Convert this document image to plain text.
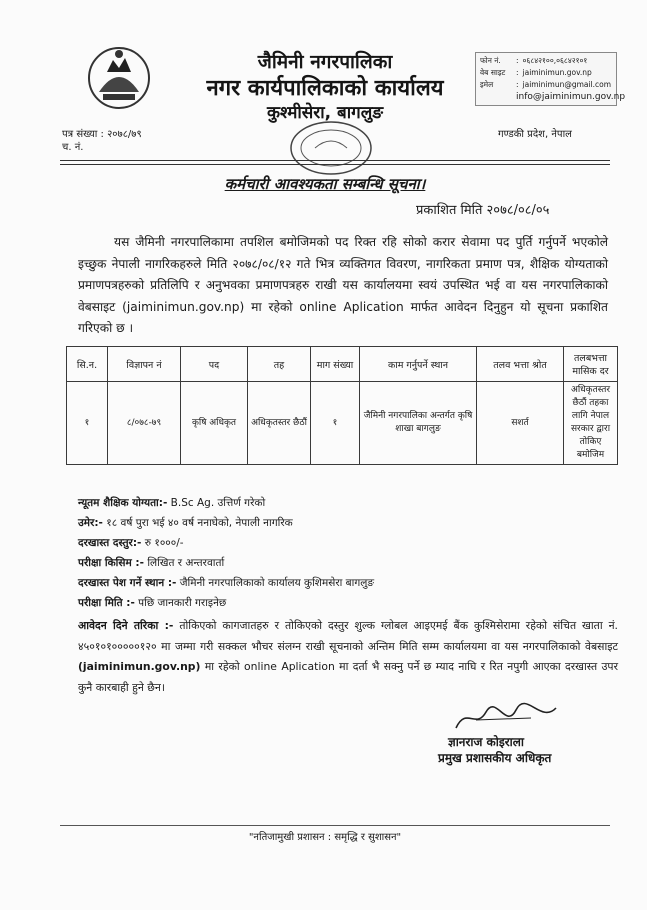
जैमिनी नगरपालिका
नगर कार्यपालिकाको कार्यालय
कुश्मीसेरा, बागलुङ
फोन नं.	: ०६८४२१००,०६८४२१०१
वेब साइट	: jaiminimun.gov.np
इमेल	: jaiminimun@gmail.com
info@jaiminimun.gov.np
पत्र संख्या : २०७८/७९
च. नं.
गण्डकी प्रदेश, नेपाल
कर्मचारी आवश्यकता सम्बन्धि सूचना।
प्रकाशित मिति २०७८/०८/०५
यस जैमिनी नगरपालिकामा तपशिल बमोजिमको पद रिक्त रहि सोको करार सेवामा पद पुर्ति गर्नुपर्ने भएकोले इच्छुक नेपाली नागरिकहरुले मिति २०७८/०८/१२ गते भित्र व्यक्तिगत विवरण, नागरिकता प्रमाण पत्र, शैक्षिक योग्यताको प्रमाणपत्रहरुको प्रतिलिपि र अनुभवका प्रमाणपत्रहरु राखी यस कार्यालयमा स्वयं उपस्थित भई वा यस नगरपालिकाको वेबसाइट (jaiminimun.gov.np) मा रहेको online Aplication मार्फत आवेदन दिनुहुन यो सूचना प्रकाशित गरिएको छ ।
सि.न.	विज्ञापन नं	पद	तह	माग संख्या	काम गर्नुपर्ने स्थान	तलव भत्ता श्रोत	तलबभत्ता मासिक दर
१	८/०७८-७९	कृषि अधिकृत	अधिकृतस्तर छैठौं	१	जैमिनी नगरपालिका अन्तर्गत कृषि शाखा बागलुङ	सशर्त	अधिकृतस्तर छैठौं तहका लागि नेपाल सरकार द्वारा तोकिए बमोजिम
न्यूतम शैक्षिक योग्यता:- B.Sc Ag. उत्तिर्ण गरेको
उमेर:- १८ वर्ष पुरा भई ४० वर्ष ननाघेको, नेपाली नागरिक
दरखास्त दस्तुर:- रु १०००/-
परीक्षा किसिम :- लिखित र अन्तरवार्ता
दरखास्त पेश गर्ने स्थान :- जैमिनी नगरपालिकाको कार्यालय कुशिमसेरा बागलुङ
परीक्षा मिति :- पछि जानकारी गराइनेछ
आवेदन दिने तरिका :- तोकिएको कागजातहरु र तोकिएको दस्तुर शुल्क ग्लोबल आइएमई बैंक कुश्मिसेरामा रहेको संचित खाता नं. ४५०१०१०००००१२० मा जम्मा गरी सक्कल भौचर संलग्न राखी सूचनाको अन्तिम मिति सम्म कार्यालयमा वा यस नगरपालिकाको वेबसाइट (jaiminimun.gov.np) मा रहेको online Aplication मा दर्ता भै सक्नु पर्ने छ म्याद नाघि र रित नपुगी आएका दरखास्त उपर कुनै कारबाही हुने छैन।
ज्ञानराज कोइराला
प्रमुख प्रशासकीय अधिकृत
"नतिजामुखी प्रशासन : समृद्धि र सुशासन"
